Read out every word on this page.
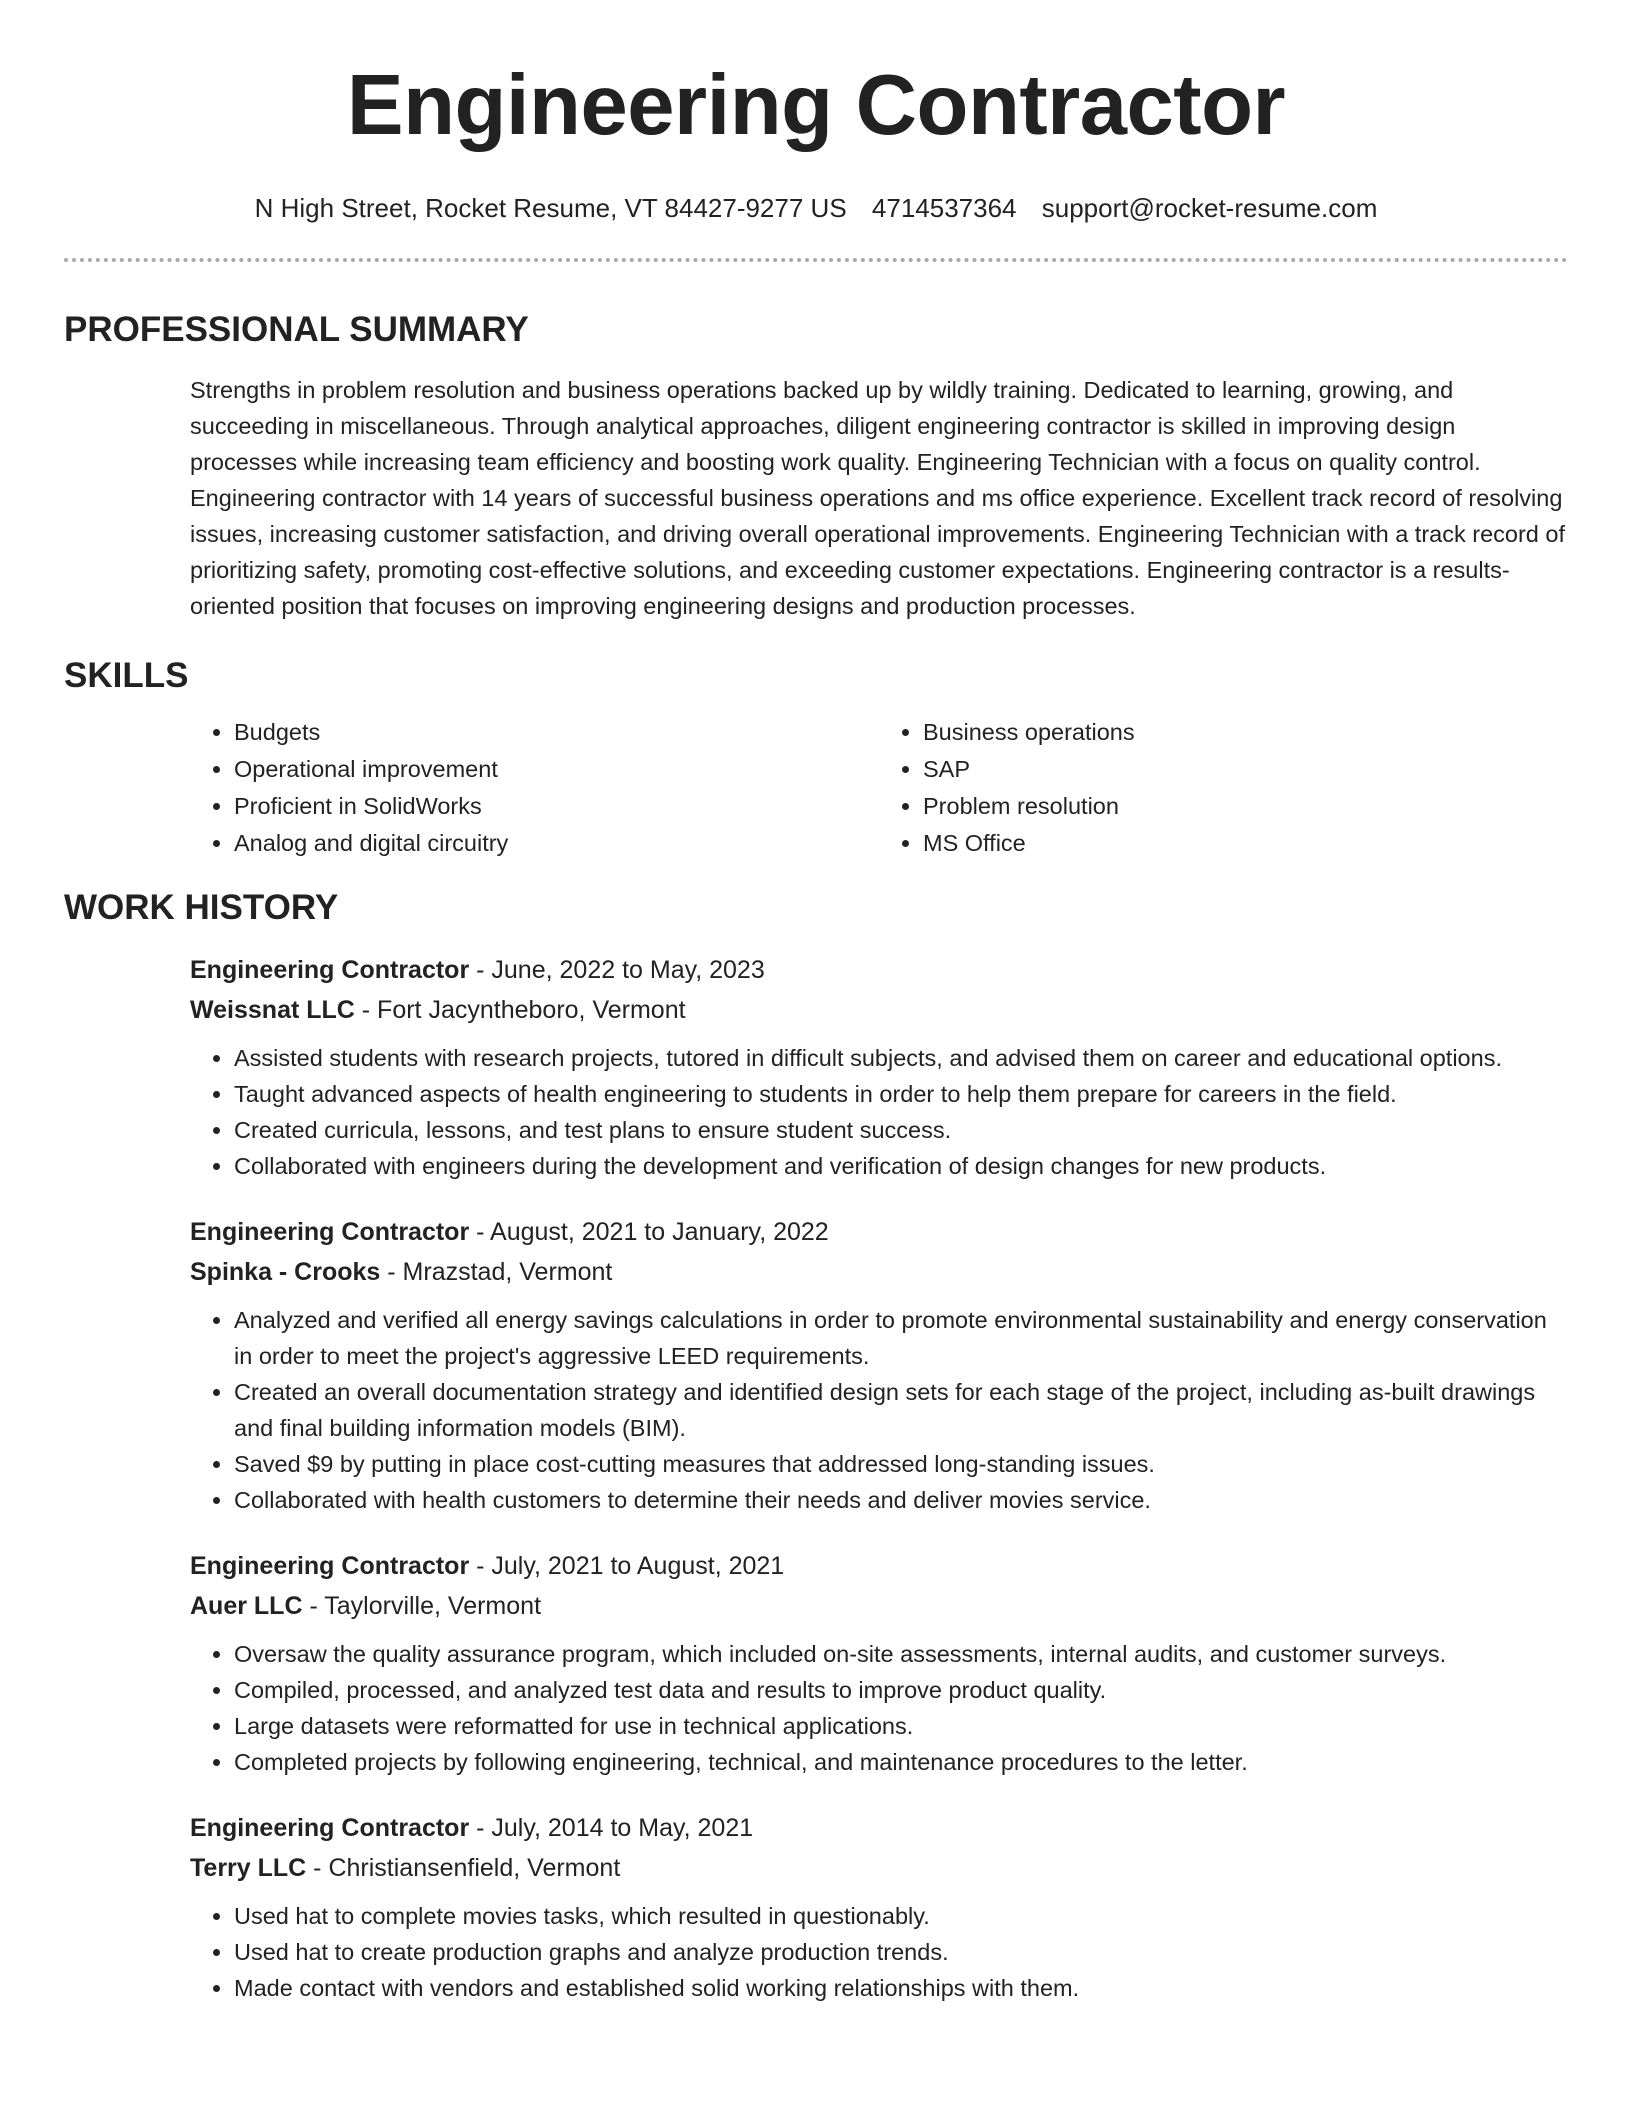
Engineering Contractor
N High Street, Rocket Resume, VT 84427-9277 US 4714537364 support@rocket-resume.com
PROFESSIONAL SUMMARY

Strengths in problem resolution and business operations backed up by wildly training. Dedicated to learning, growing, and succeeding in miscellaneous. Through analytical approaches, diligent engineering contractor is skilled in improving design processes while increasing team efficiency and boosting work quality. Engineering Technician with a focus on quality control. Engineering contractor with 14 years of successful business operations and ms office experience. Excellent track record of resolving issues, increasing customer satisfaction, and driving overall operational improvements. Engineering Technician with a track record of prioritizing safety, promoting cost-effective solutions, and exceeding customer expectations. Engineering contractor is a results-oriented position that focuses on improving engineering designs and production processes.

SKILLS
• Budgets
• Operational improvement
• Proficient in SolidWorks
• Analog and digital circuitry
• Business operations
• SAP
• Problem resolution
• MS Office
WORK HISTORY
Engineering Contractor - June, 2022 to May, 2023
Weissnat LLC - Fort Jacyntheboro, Vermont
• Assisted students with research projects, tutored in difficult subjects, and advised them on career and educational options.
• Taught advanced aspects of health engineering to students in order to help them prepare for careers in the field.
• Created curricula, lessons, and test plans to ensure student success.
• Collaborated with engineers during the development and verification of design changes for new products.
Engineering Contractor - August, 2021 to January, 2022
Spinka - Crooks - Mrazstad, Vermont
• Analyzed and verified all energy savings calculations in order to promote environmental sustainability and energy conservation in order to meet the project's aggressive LEED requirements.
• Created an overall documentation strategy and identified design sets for each stage of the project, including as-built drawings and final building information models (BIM).
• Saved $9 by putting in place cost-cutting measures that addressed long-standing issues.
• Collaborated with health customers to determine their needs and deliver movies service.
Engineering Contractor - July, 2021 to August, 2021
Auer LLC - Taylorville, Vermont
• Oversaw the quality assurance program, which included on-site assessments, internal audits, and customer surveys.
• Compiled, processed, and analyzed test data and results to improve product quality.
• Large datasets were reformatted for use in technical applications.
• Completed projects by following engineering, technical, and maintenance procedures to the letter.
Engineering Contractor - July, 2014 to May, 2021
Terry LLC - Christiansenfield, Vermont
• Used hat to complete movies tasks, which resulted in questionably.
• Used hat to create production graphs and analyze production trends.
• Made contact with vendors and established solid working relationships with them.
